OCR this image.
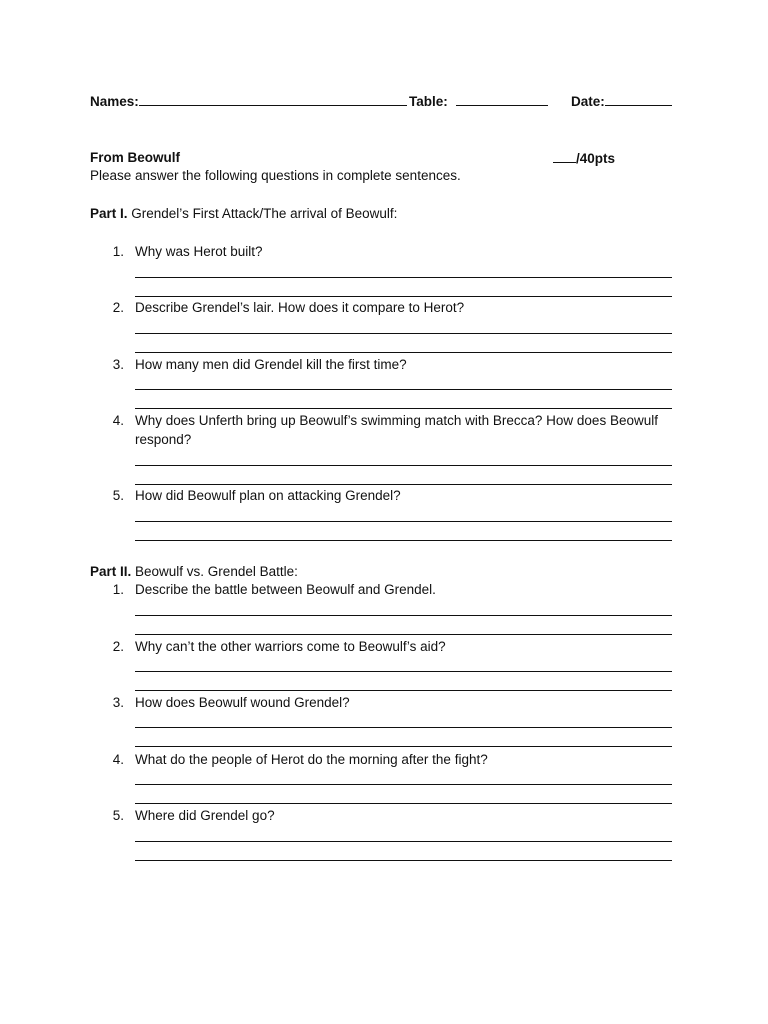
Names:	Table:	Date:
From Beowulf	/40pts
Please answer the following questions in complete sentences.
Part I. Grendel’s First Attack/The arrival of Beowulf:
1. Why was Herot built?
2. Describe Grendel’s lair. How does it compare to Herot?
3. How many men did Grendel kill the first time?
4. Why does Unferth bring up Beowulf’s swimming match with Brecca? How does Beowulf
respond?
5. How did Beowulf plan on attacking Grendel?
Part II. Beowulf vs. Grendel Battle:
1. Describe the battle between Beowulf and Grendel.
2. Why can’t the other warriors come to Beowulf’s aid?
3. How does Beowulf wound Grendel?
4. What do the people of Herot do the morning after the fight?
5. Where did Grendel go?
